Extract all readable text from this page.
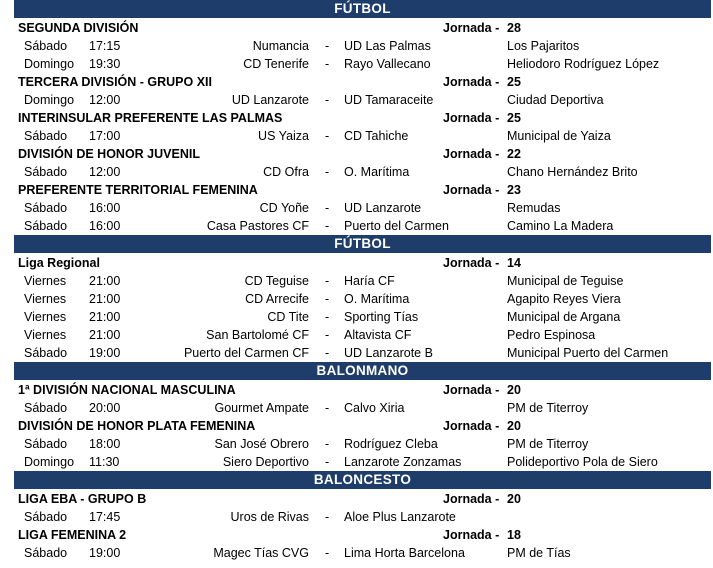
FÚTBOL
SEGUNDA DIVISIÓN	Jornada - 28
Sábado 17:15	Numancia - UD Las Palmas	Los Pajaritos
Domingo 19:30	CD Tenerife - Rayo Vallecano	Heliodoro Rodríguez López
TERCERA DIVISIÓN - GRUPO XII	Jornada - 25
Domingo 12:00	UD Lanzarote - UD Tamaraceite	Ciudad Deportiva
INTERINSULAR PREFERENTE LAS PALMAS	Jornada - 25
Sábado 17:00	US Yaiza - CD Tahiche	Municipal de Yaiza
DIVISIÓN DE HONOR JUVENIL	Jornada - 22
Sábado 12:00	CD Ofra - O. Marítima	Chano Hernández Brito
PREFERENTE TERRITORIAL FEMENINA	Jornada - 23
Sábado 16:00	CD Yoñe - UD Lanzarote	Remudas
Sábado 16:00	Casa Pastores CF - Puerto del Carmen	Camino La Madera
FÚTBOL
Liga Regional	Jornada - 14
Viernes 21:00	CD Teguise - Haría CF	Municipal de Teguise
Viernes 21:00	CD Arrecife - O. Marítima	Agapito Reyes Viera
Viernes 21:00	CD Tite - Sporting Tías	Municipal de Argana
Viernes 21:00	San Bartolomé CF - Altavista CF	Pedro Espinosa
Sábado 19:00	Puerto del Carmen CF - UD Lanzarote B	Municipal Puerto del Carmen
BALONMANO
1ª DIVISIÓN NACIONAL MASCULINA	Jornada - 20
Sábado 20:00	Gourmet Ampate - Calvo Xiria	PM de Titerroy
DIVISIÓN DE HONOR PLATA FEMENINA	Jornada - 20
Sábado 18:00	San José Obrero - Rodríguez Cleba	PM de Titerroy
Domingo 11:30	Siero Deportivo - Lanzarote Zonzamas	Polideportivo Pola de Siero
BALONCESTO
LIGA EBA - GRUPO B	Jornada - 20
Sábado 17:45	Uros de Rivas - Aloe Plus Lanzarote
LIGA FEMENINA 2	Jornada - 18
Sábado 19:00	Magec Tías CVG - Lima Horta Barcelona	PM de Tías
